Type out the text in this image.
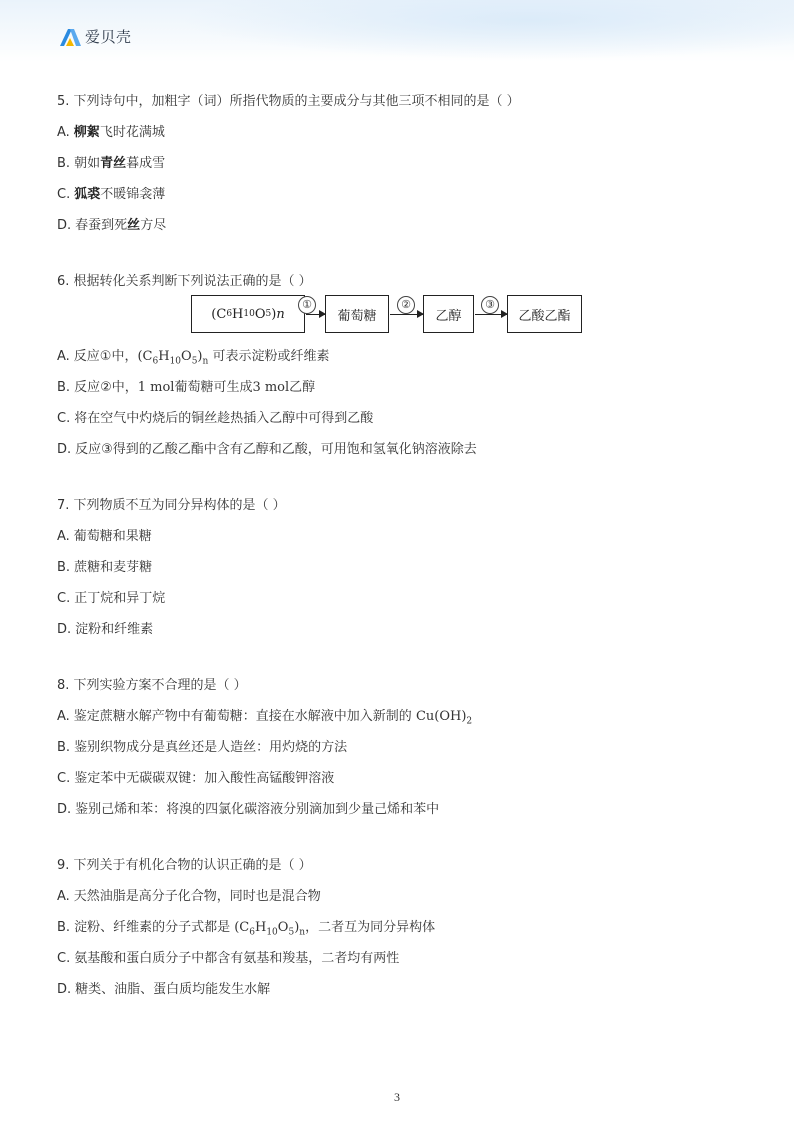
爱贝壳
5. 下列诗句中，加粗字（词）所指代物质的主要成分与其他三项不相同的是（ ）
A. 柳絮飞时花满城
B. 朝如青丝暮成雪
C. 狐裘不暖锦衾薄
D. 春蚕到死丝方尽
6. 根据转化关系判断下列说法正确的是（ ）
(C 6 H 10 O 5 ) n
①
葡萄糖
②
乙醇
③
乙酸乙酯
A. 反应①中，$(C_6H_{10}O_5)_n$ 可表示淀粉或纤维素
B. 反应②中，1 mol葡萄糖可生成3 mol乙醇
C. 将在空气中灼烧后的铜丝趁热插入乙醇中可得到乙酸
D. 反应③得到的乙酸乙酯中含有乙醇和乙酸，可用饱和氢氧化钠溶液除去
7. 下列物质不互为同分异构体的是（ ）
A. 葡萄糖和果糖
B. 蔗糖和麦芽糖
C. 正丁烷和异丁烷
D. 淀粉和纤维素
8. 下列实验方案不合理的是（ ）
A. 鉴定蔗糖水解产物中有葡萄糖：直接在水解液中加入新制的 $Cu(OH)_2$
B. 鉴别织物成分是真丝还是人造丝：用灼烧的方法
C. 鉴定苯中无碳碳双键：加入酸性高锰酸钾溶液
D. 鉴别己烯和苯：将溴的四氯化碳溶液分别滴加到少量己烯和苯中
9. 下列关于有机化合物的认识正确的是（ ）
A. 天然油脂是高分子化合物，同时也是混合物
B. 淀粉、纤维素的分子式都是 $(C_6H_{10}O_5)_n$，二者互为同分异构体
C. 氨基酸和蛋白质分子中都含有氨基和羧基，二者均有两性
D. 糖类、油脂、蛋白质均能发生水解
3
